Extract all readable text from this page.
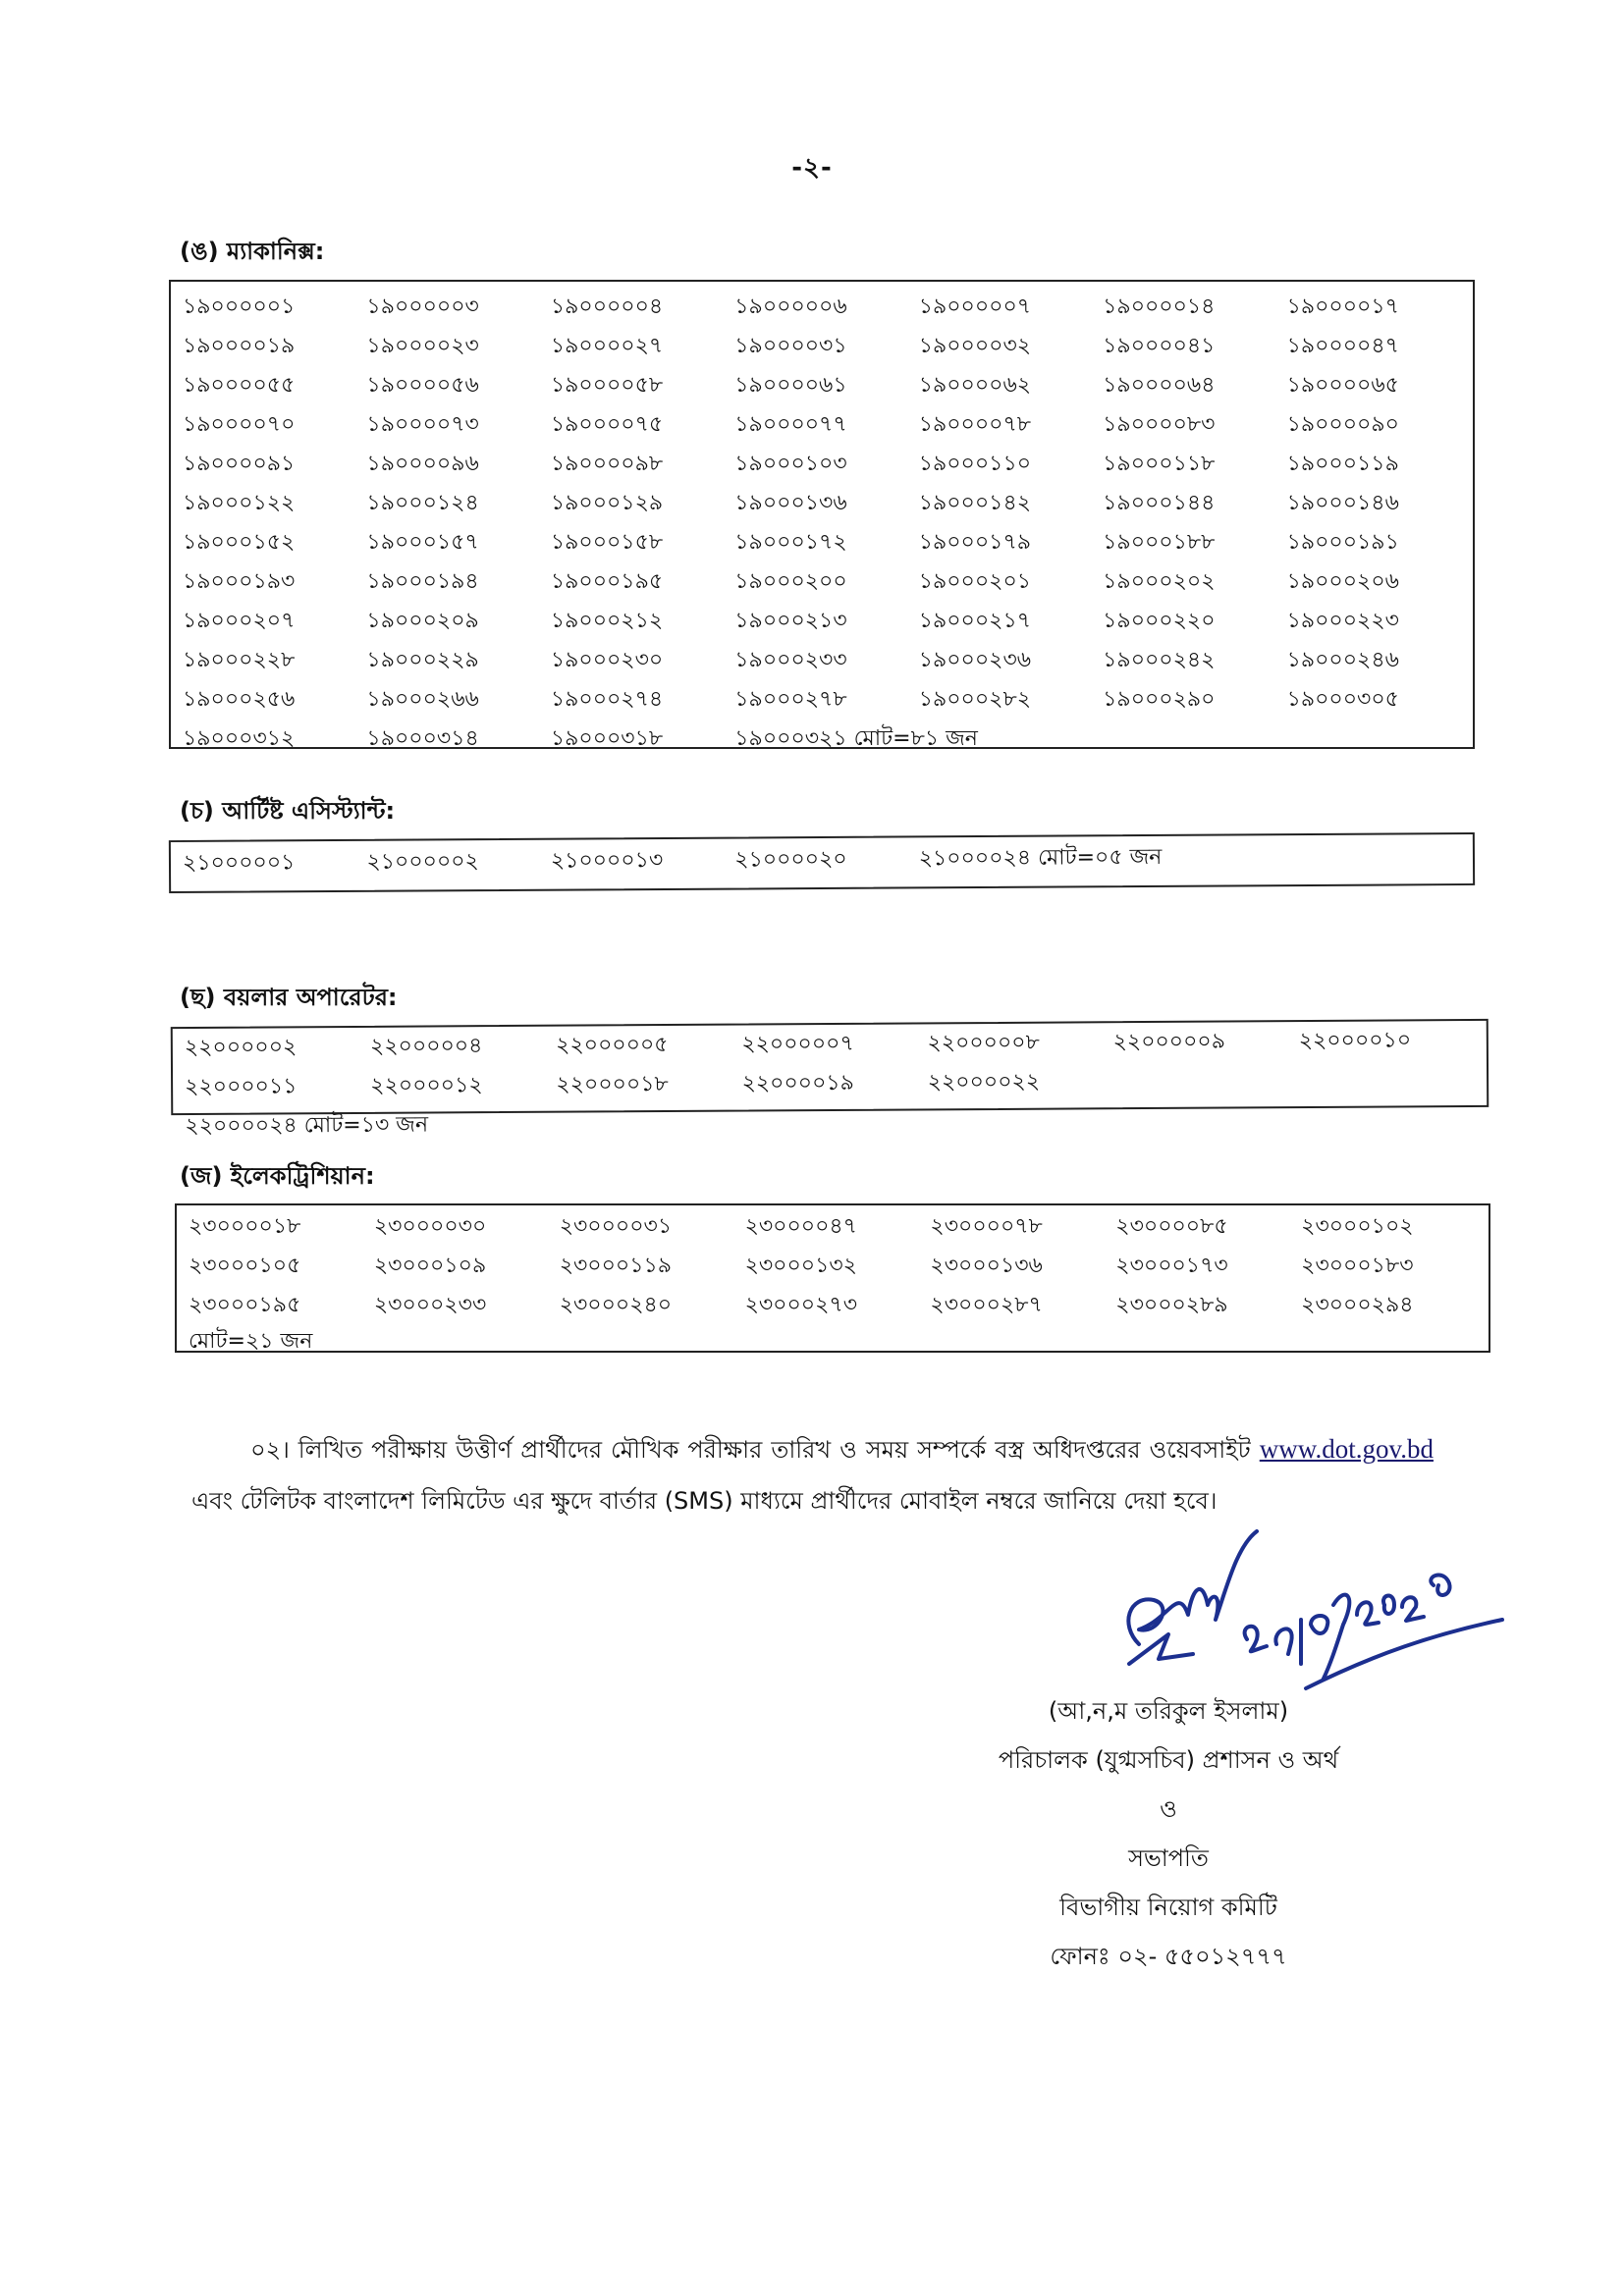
-২-
(ঙ) ম্যাকানিক্স:
১৯০০০০০১	১৯০০০০০৩	১৯০০০০০৪	১৯০০০০০৬	১৯০০০০০৭	১৯০০০০১৪	১৯০০০০১৭
১৯০০০০১৯	১৯০০০০২৩	১৯০০০০২৭	১৯০০০০৩১	১৯০০০০৩২	১৯০০০০৪১	১৯০০০০৪৭
১৯০০০০৫৫	১৯০০০০৫৬	১৯০০০০৫৮	১৯০০০০৬১	১৯০০০০৬২	১৯০০০০৬৪	১৯০০০০৬৫
১৯০০০০৭০	১৯০০০০৭৩	১৯০০০০৭৫	১৯০০০০৭৭	১৯০০০০৭৮	১৯০০০০৮৩	১৯০০০০৯০
১৯০০০০৯১	১৯০০০০৯৬	১৯০০০০৯৮	১৯০০০১০৩	১৯০০০১১০	১৯০০০১১৮	১৯০০০১১৯
১৯০০০১২২	১৯০০০১২৪	১৯০০০১২৯	১৯০০০১৩৬	১৯০০০১৪২	১৯০০০১৪৪	১৯০০০১৪৬
১৯০০০১৫২	১৯০০০১৫৭	১৯০০০১৫৮	১৯০০০১৭২	১৯০০০১৭৯	১৯০০০১৮৮	১৯০০০১৯১
১৯০০০১৯৩	১৯০০০১৯৪	১৯০০০১৯৫	১৯০০০২০০	১৯০০০২০১	১৯০০০২০২	১৯০০০২০৬
১৯০০০২০৭	১৯০০০২০৯	১৯০০০২১২	১৯০০০২১৩	১৯০০০২১৭	১৯০০০২২০	১৯০০০২২৩
১৯০০০২২৮	১৯০০০২২৯	১৯০০০২৩০	১৯০০০২৩৩	১৯০০০২৩৬	১৯০০০২৪২	১৯০০০২৪৬
১৯০০০২৫৬	১৯০০০২৬৬	১৯০০০২৭৪	১৯০০০২৭৮	১৯০০০২৮২	১৯০০০২৯০	১৯০০০৩০৫
১৯০০০৩১২	১৯০০০৩১৪	১৯০০০৩১৮	১৯০০০৩২১ মোট=৮১ জন
(চ) আর্টিষ্ট এসিস্ট্যান্ট:
২১০০০০০১	২১০০০০০২	২১০০০০১৩	২১০০০০২০	২১০০০০২৪ মোট=০৫ জন
(ছ) বয়লার অপারেটর:
২২০০০০০২	২২০০০০০৪	২২০০০০০৫	২২০০০০০৭	২২০০০০০৮	২২০০০০০৯	২২০০০০১০
২২০০০০১১	২২০০০০১২	২২০০০০১৮	২২০০০০১৯	২২০০০০২২
২২০০০০২৪ মোট=১৩ জন
(জ) ইলেকট্রিশিয়ান:
২৩০০০০১৮	২৩০০০০৩০	২৩০০০০৩১	২৩০০০০৪৭	২৩০০০০৭৮	২৩০০০০৮৫	২৩০০০১০২
২৩০০০১০৫	২৩০০০১০৯	২৩০০০১১৯	২৩০০০১৩২	২৩০০০১৩৬	২৩০০০১৭৩	২৩০০০১৮৩
২৩০০০১৯৫	২৩০০০২৩৩	২৩০০০২৪০	২৩০০০২৭৩	২৩০০০২৮৭	২৩০০০২৮৯	২৩০০০২৯৪
মোট=২১ জন
০২। লিখিত পরীক্ষায় উত্তীর্ণ প্রার্থীদের মৌখিক পরীক্ষার তারিখ ও সময় সম্পর্কে বস্ত্র অধিদপ্তরের ওয়েবসাইট www.dot.gov.bd এবং টেলিটক বাংলাদেশ লিমিটেড এর ক্ষুদে বার্তার (SMS) মাধ্যমে প্রার্থীদের মোবাইল নম্বরে জানিয়ে দেয়া হবে।
(আ,ন,ম তরিকুল ইসলাম)
পরিচালক (যুগ্মসচিব) প্রশাসন ও অর্থ
ও
সভাপতি
বিভাগীয় নিয়োগ কমিটি
ফোনঃ ০২- ৫৫০১২৭৭৭
